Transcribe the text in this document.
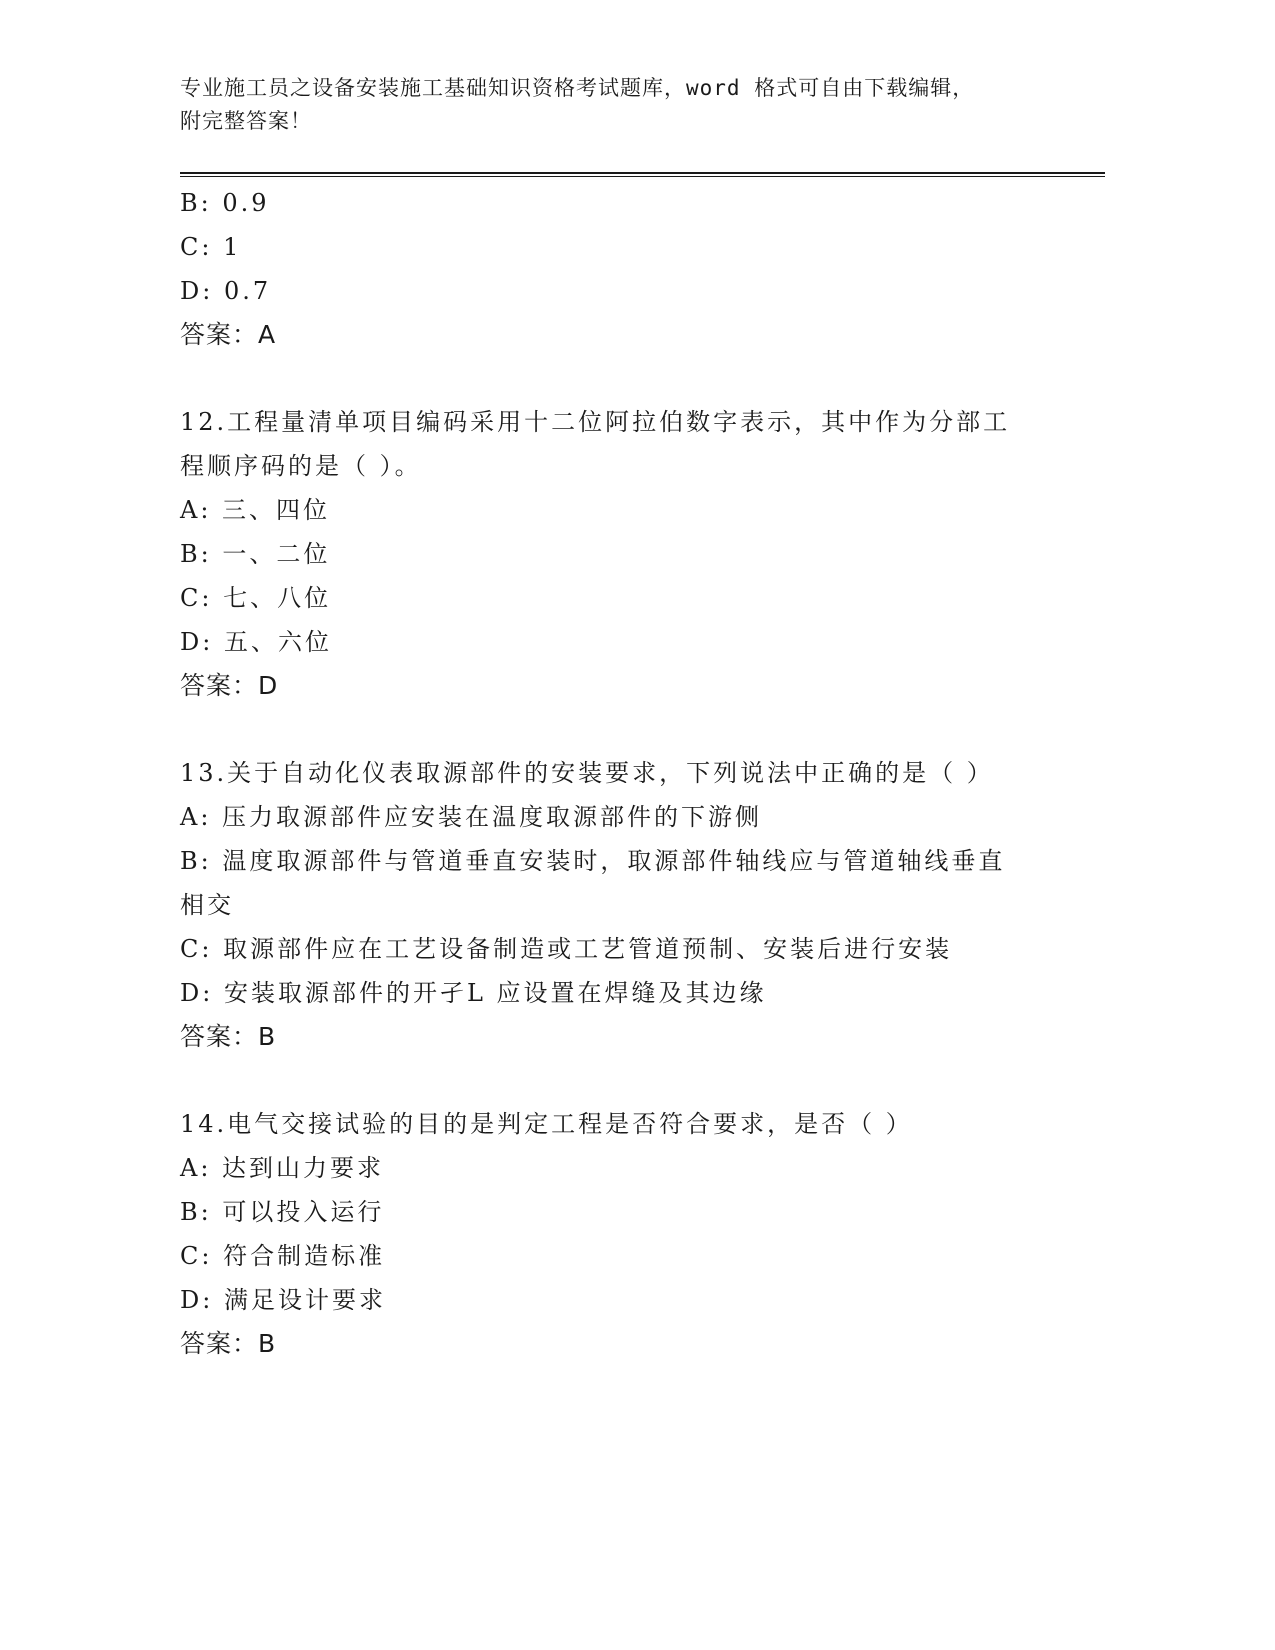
专业施工员之设备安装施工基础知识资格考试题库，word 格式可自由下载编辑，
附完整答案！
B: 0.9
C: 1
D: 0.7
答案：A
12.工程量清单项目编码采用十二位阿拉伯数字表示，其中作为分部工
程顺序码的是（ ）。
A: 三、四位
B: 一、二位
C: 七、八位
D: 五、六位
答案：D
13.关于自动化仪表取源部件的安装要求，下列说法中正确的是（ ）
A: 压力取源部件应安装在温度取源部件的下游侧
B: 温度取源部件与管道垂直安装时，取源部件轴线应与管道轴线垂直
相交
C: 取源部件应在工艺设备制造或工艺管道预制、安装后进行安装
D: 安装取源部件的开孑L 应设置在焊缝及其边缘
答案：B
14.电气交接试验的目的是判定工程是否符合要求，是否（ ）
A: 达到山力要求
B: 可以投入运行
C: 符合制造标准
D: 满足设计要求
答案：B
